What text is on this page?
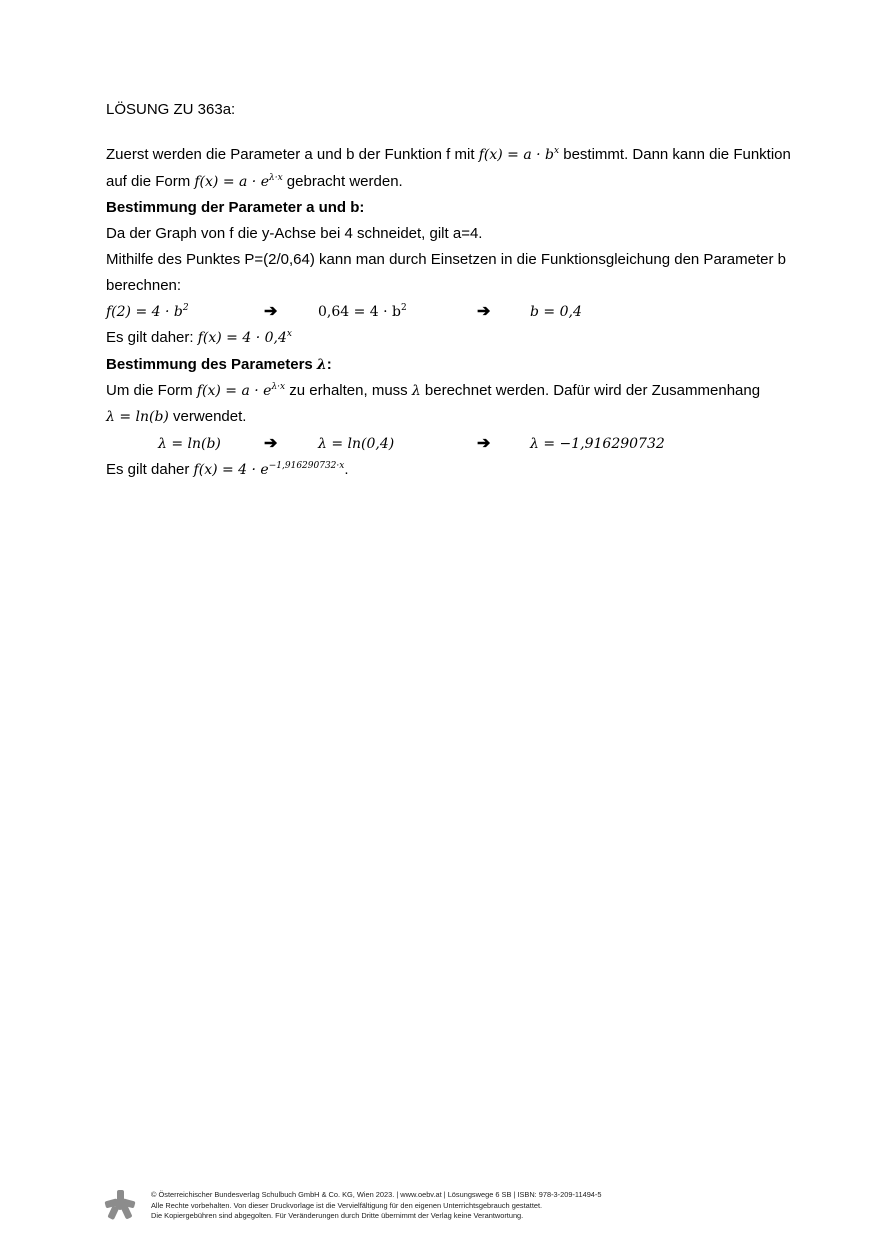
LÖSUNG ZU 363a:
Zuerst werden die Parameter a und b der Funktion f mit $f(x) = a \cdot b^x$ bestimmt. Dann kann die Funktion
auf die Form $f(x) = a \cdot e^{\lambda\cdot x}$ gebracht werden.
Bestimmung der Parameter a und b:
Da der Graph von f die y-Achse bei 4 schneidet, gilt a=4.
Mithilfe des Punktes P=(2/0,64) kann man durch Einsetzen in die Funktionsgleichung den Parameter b
berechnen:
$f(2) = 4 \cdot b^2$	➔	$0,64 = 4 \cdot b^2$	➔	b = 0,4
Es gilt daher: $f(x) = 4 \cdot 0,4^x$
Bestimmung des Parameters λ:
Um die Form $f(x) = a \cdot e^{\lambda\cdot x}$ zu erhalten, muss λ berechnet werden. Dafür wird der Zusammenhang
λ = ln(b) verwendet.
λ = ln(b)	➔	λ = ln(0,4)	➔	λ = −1,916290732
Es gilt daher $f(x) = 4 \cdot e^{-1,916290732\cdot x}$.
© Österreichischer Bundesverlag Schulbuch GmbH & Co. KG, Wien 2023. | www.oebv.at | Lösungswege 6 SB | ISBN: 978-3-209-11494-5
Alle Rechte vorbehalten. Von dieser Druckvorlage ist die Vervielfältigung für den eigenen Unterrichtsgebrauch gestattet.
Die Kopiergebühren sind abgegolten. Für Veränderungen durch Dritte übernimmt der Verlag keine Verantwortung.
